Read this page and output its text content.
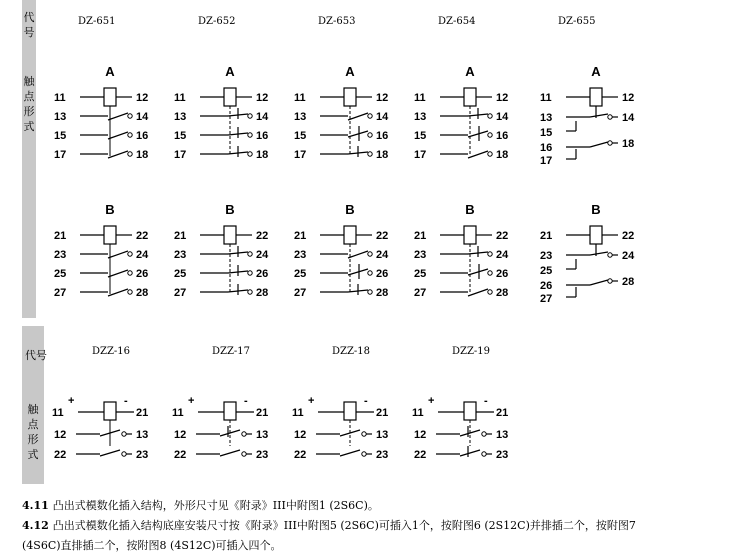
代号
触
点
形
式
代号
触
点
形
式
DZ-651	DZ-652	DZ-653	DZ-654	DZ-655
DZZ-16	DZZ-17	DZZ-18	DZZ-19
A
11	12
13	14
15	16
17	18
B
21	22
23	24
25	26
27	28
A
11	12
13	14
15	16
17	18
B
21	22
23	24
25	26
27	28
A
11	12
13	14
15	16
17	18
B
21	22
23	24
25	26
27	28
A
11	12
13	14
15	16
17	18
B
21	22
23	24
25	26
27	28
A
11	12
13	14
15
16	18
17
B
21	22
23	24
25
26	28
27
11
+	-
21
12	13
22	23
11
+	-
21
12	13
22	23
11
+	-
21
12	13
22	23
11
+	-
21
12	13
22	23
4.11 凸出式模数化插入结构，外形尺寸见《附录》III中附图1 (2S6C)。
4.12 凸出式模数化插入结构底座安装尺寸按《附录》III中附图5 (2S6C)可插入1个，按附图6 (2S12C)并排插二个，按附图7
(4S6C)直排插二个，按附图8 (4S12C)可插入四个。
